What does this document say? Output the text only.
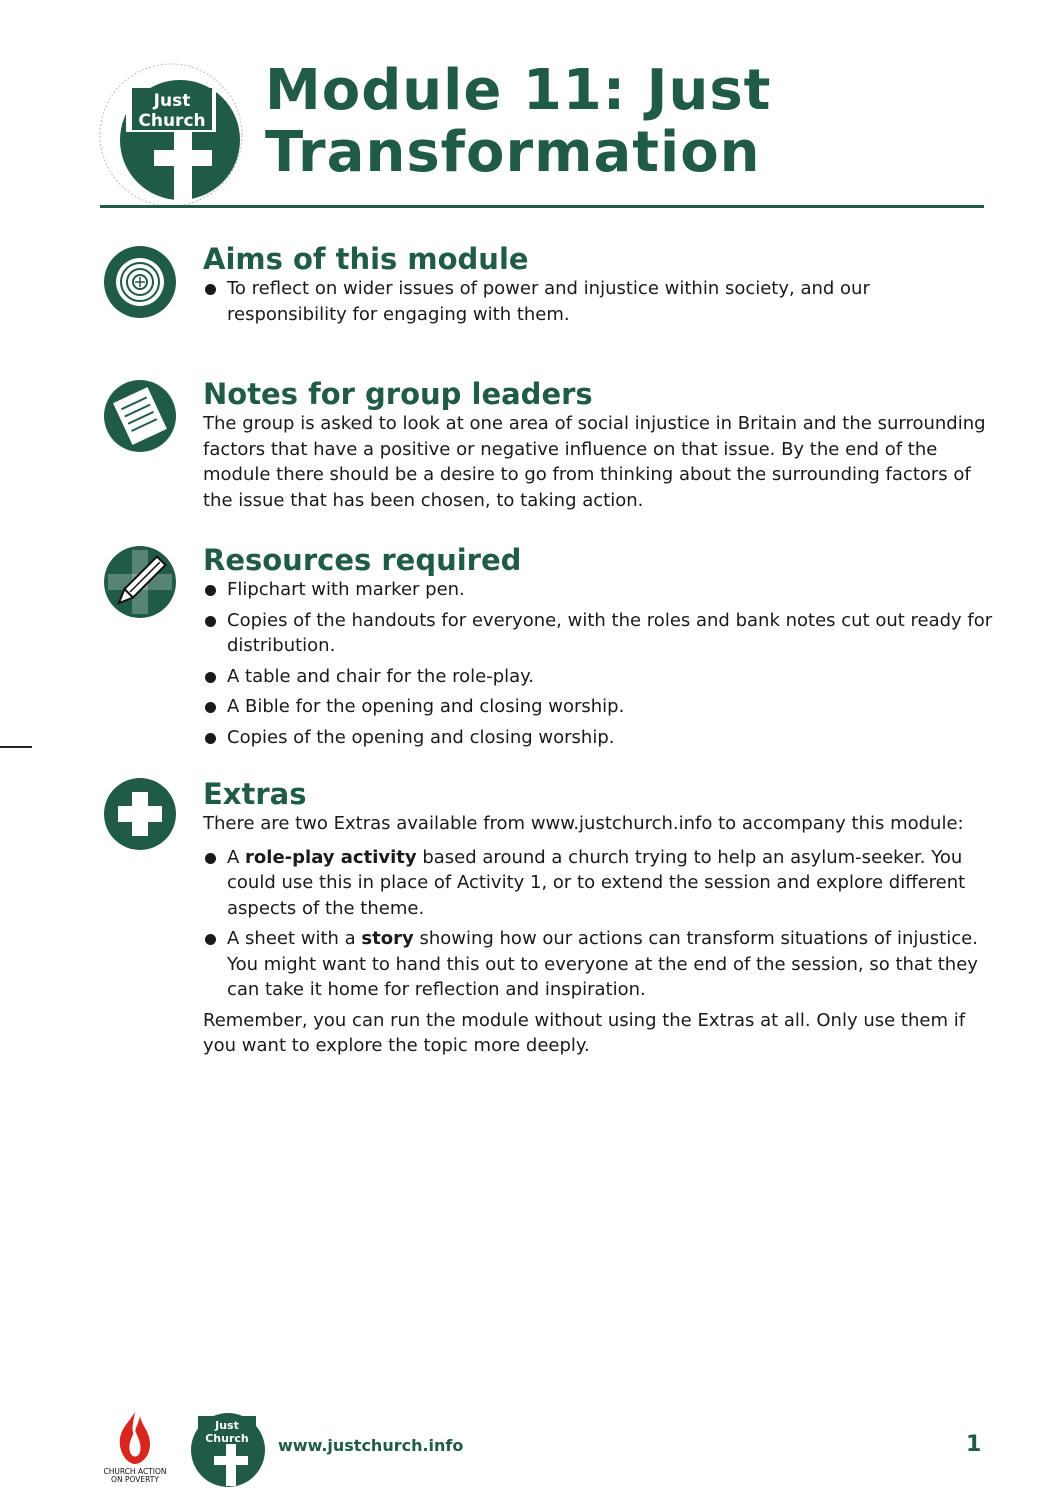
Just
Church Module 11: Just
Transformation
Aims of this module
To reflect on wider issues of power and injustice within society, and our responsibility for engaging with them.
Notes for group leaders

The group is asked to look at one area of social injustice in Britain and the surrounding factors that have a positive or negative influence on that issue. By the end of the module there should be a desire to go from thinking about the surrounding factors of the issue that has been chosen, to taking action.

Resources required
Flipchart with marker pen.
Copies of the handouts for everyone, with the roles and bank notes cut out ready for distribution.
A table and chair for the role-play.
A Bible for the opening and closing worship.
Copies of the opening and closing worship.
Extras

There are two Extras available from www.justchurch.info to accompany this module:

A role-play activity based around a church trying to help an asylum-seeker. You could use this in place of Activity 1, or to extend the session and explore different aspects of the theme.
A sheet with a story showing how our actions can transform situations of injustice. You might want to hand this out to everyone at the end of the session, so that they can take it home for reflection and inspiration.

Remember, you can run the module without using the Extras at all. Only use them if you want to explore the topic more deeply.

CHURCH ACTION
ON POVERTY
Just
Church www.justchurch.info	1
